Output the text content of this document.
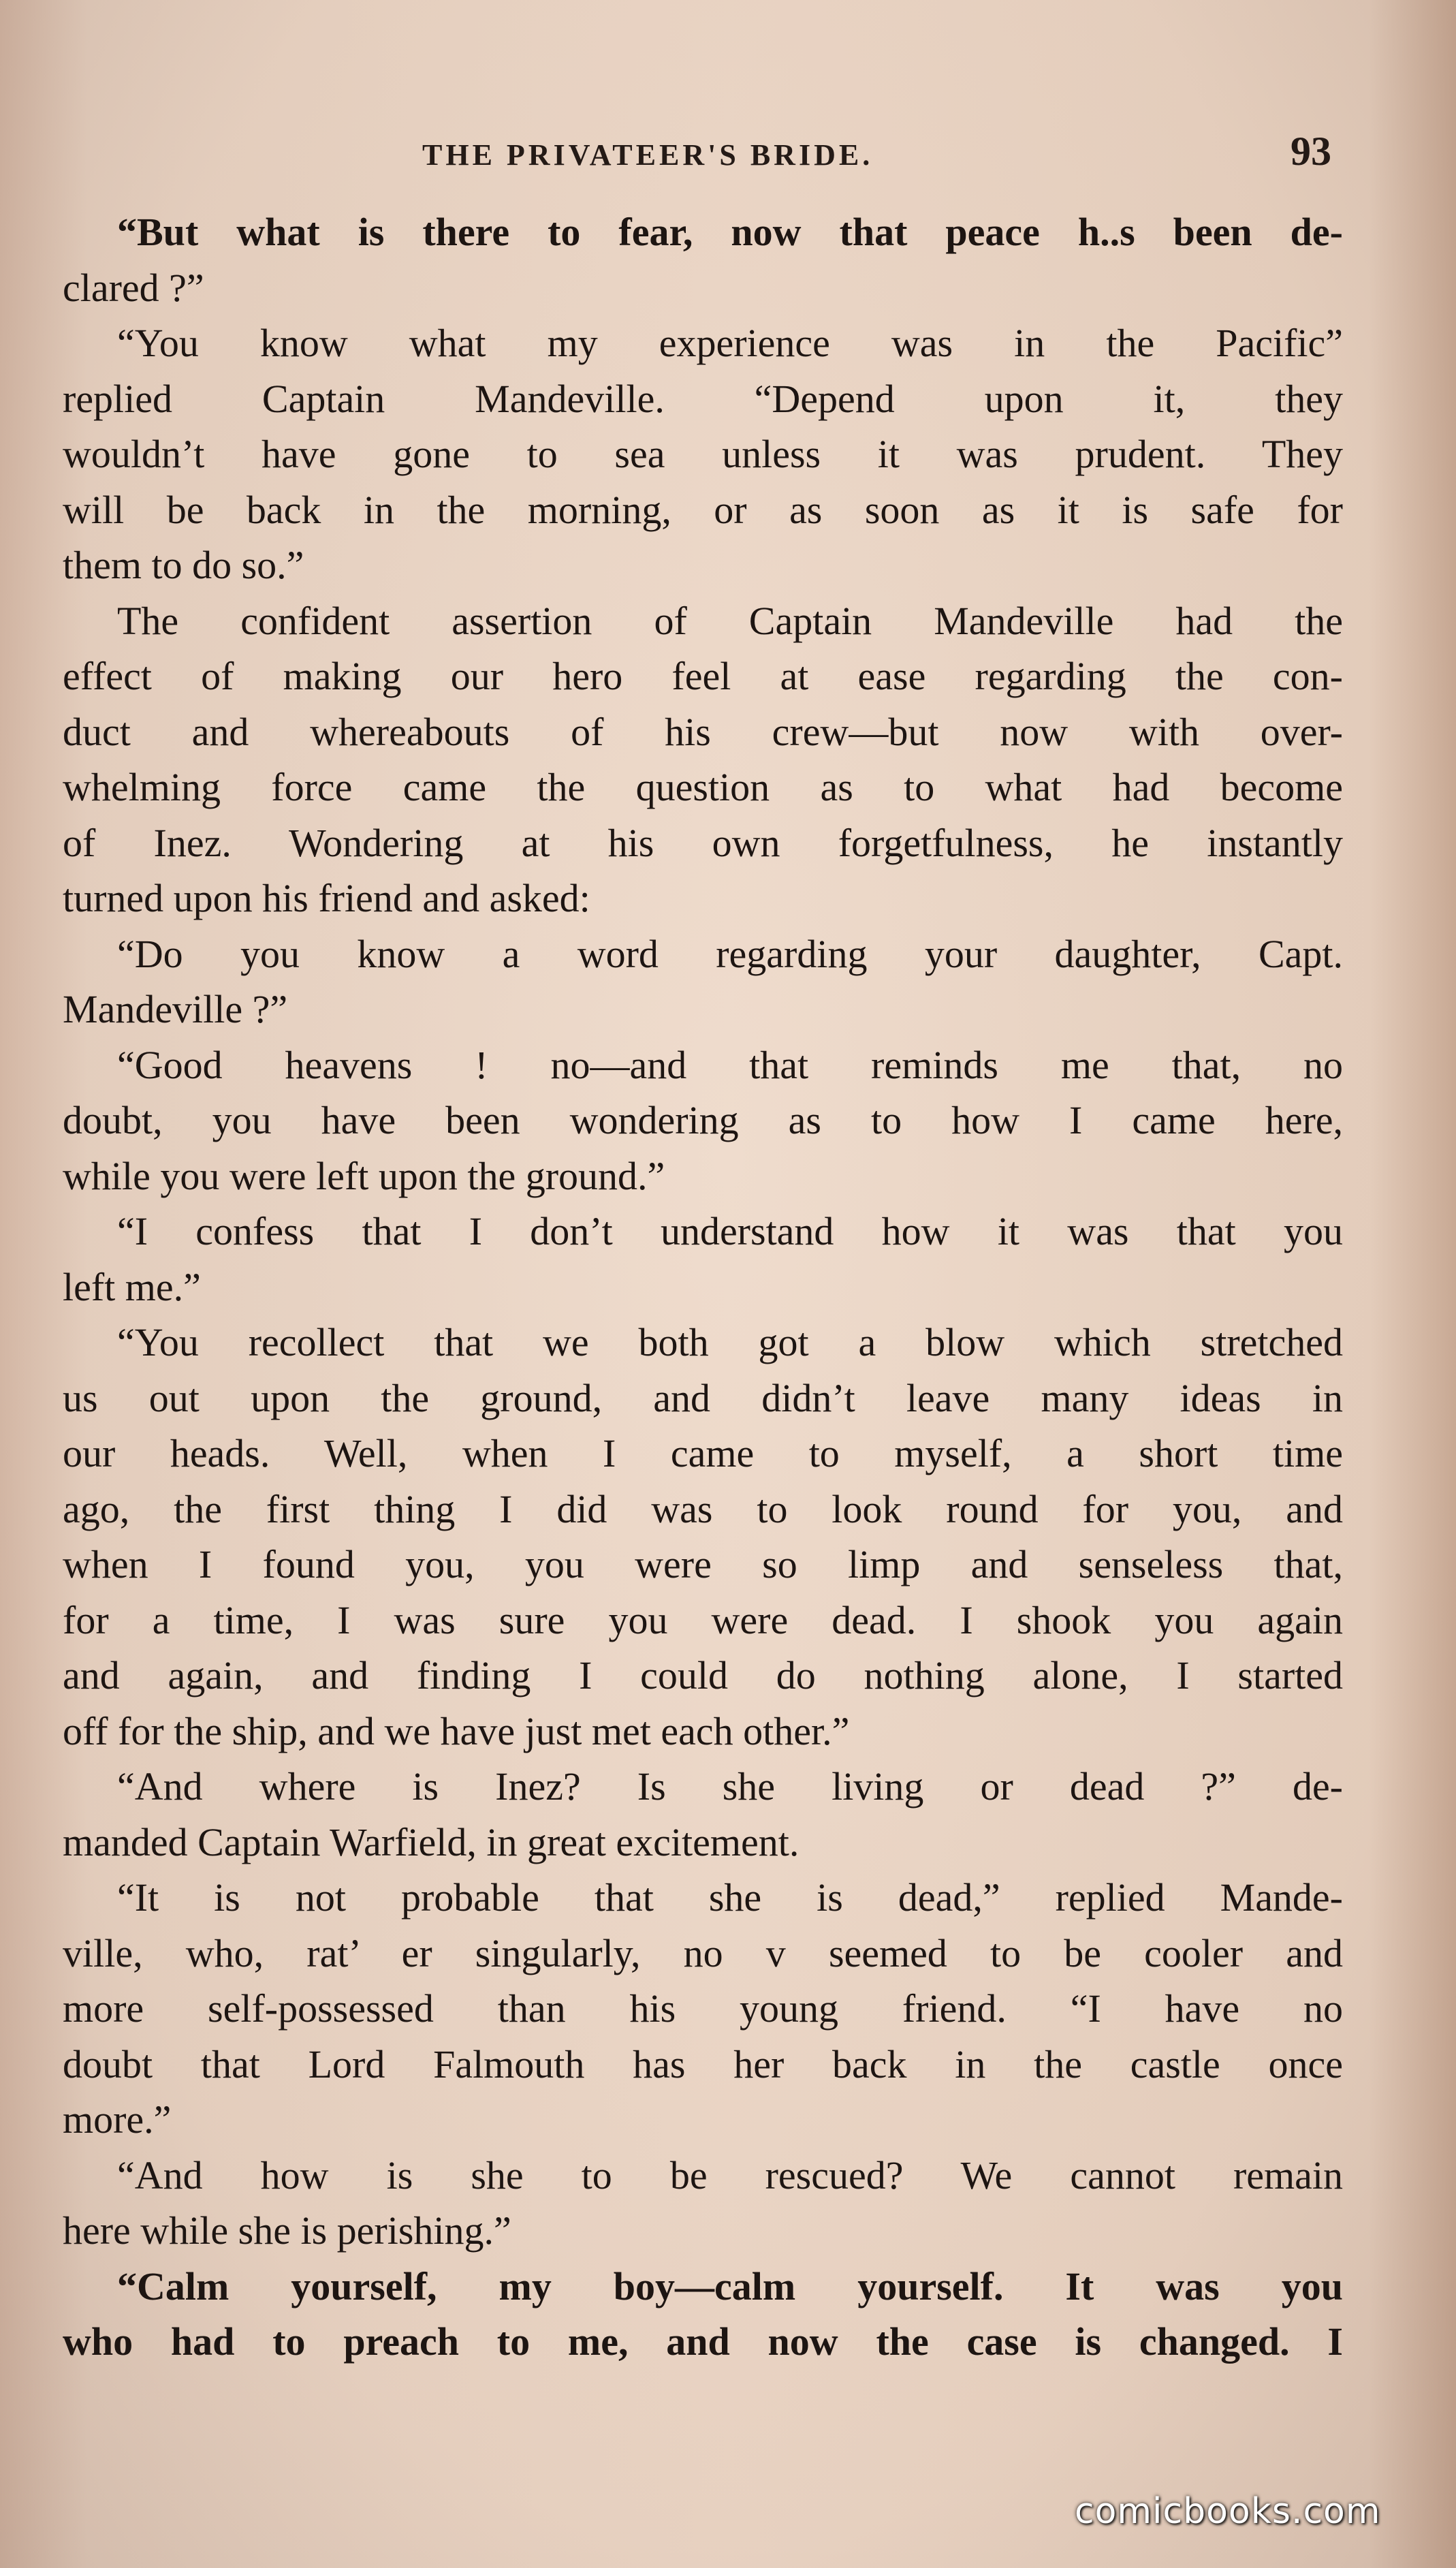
THE PRIVATEER'S BRIDE.	93
“But what is there to fear, now that peace h..s been de-
clared ?”
“You know what my experience was in the Pacific”
replied Captain Mandeville. “Depend upon it, they
wouldn’t have gone to sea unless it was prudent. They
will be back in the morning, or as soon as it is safe for
them to do so.”
The confident assertion of Captain Mandeville had the
effect of making our hero feel at ease regarding the con-
duct and whereabouts of his crew—but now with over-
whelming force came the question as to what had become
of Inez. Wondering at his own forgetfulness, he instantly
turned upon his friend and asked:
“Do you know a word regarding your daughter, Capt.
Mandeville ?”
“Good heavens ! no—and that reminds me that, no
doubt, you have been wondering as to how I came here,
while you were left upon the ground.”
“I confess that I don’t understand how it was that you
left me.”
“You recollect that we both got a blow which stretched
us out upon the ground, and didn’t leave many ideas in
our heads. Well, when I came to myself, a short time
ago, the first thing I did was to look round for you, and
when I found you, you were so limp and senseless that,
for a time, I was sure you were dead. I shook you again
and again, and finding I could do nothing alone, I started
off for the ship, and we have just met each other.”
“And where is Inez? Is she living or dead ?” de-
manded Captain Warfield, in great excitement.
“It is not probable that she is dead,” replied Mande-
ville, who, rat’ er singularly, no v seemed to be cooler and
more self-possessed than his young friend. “I have no
doubt that Lord Falmouth has her back in the castle once
more.”
“And how is she to be rescued? We cannot remain
here while she is perishing.”
“Calm yourself, my boy—calm yourself. It was you
who had to preach to me, and now the case is changed. I
comicbooks.com
